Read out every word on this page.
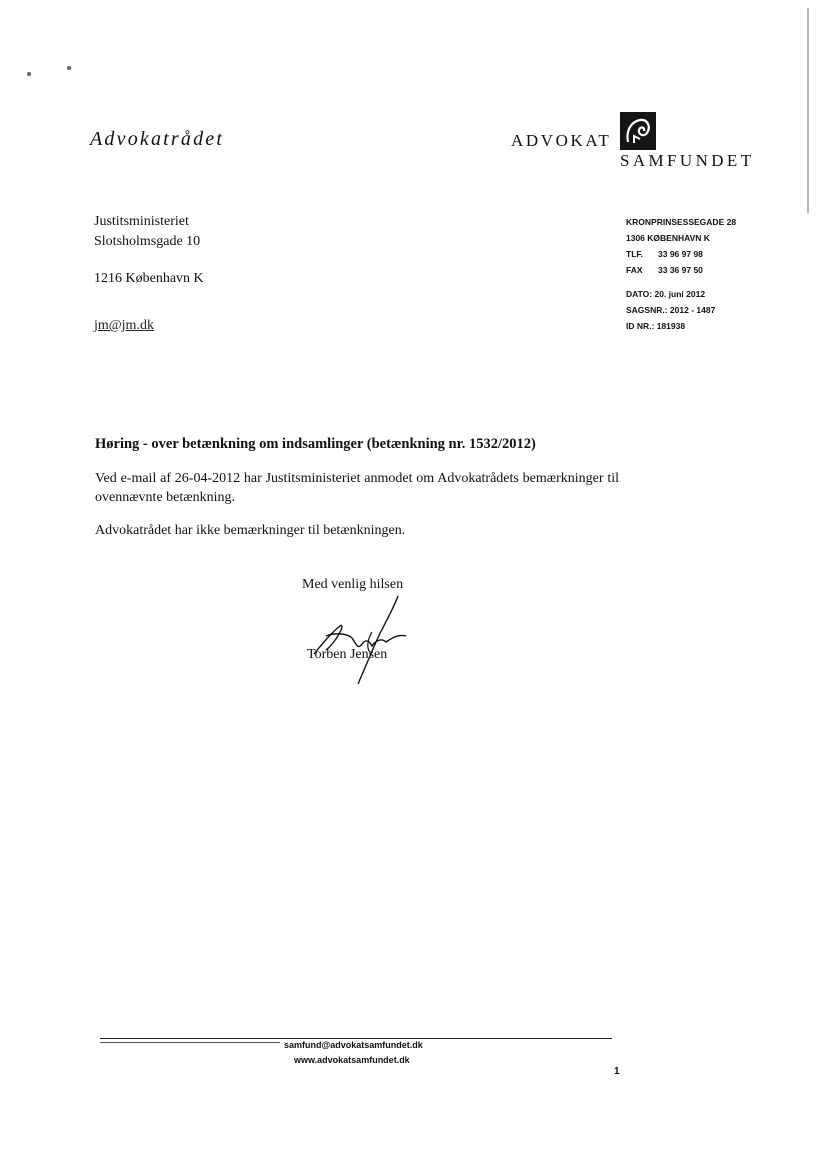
Advokatrådet	ADVOKAT
SAMFUNDET
Justitsministeriet
Slotsholmsgade 10
1216 København K
jm@jm.dk
KRONPRINSESSEGADE 28
1306 KØBENHAVN K
TLF.	33 96 97 98
FAX	33 36 97 50
DATO: 20. juni 2012
SAGSNR.: 2012 - 1487
ID NR.: 181938
Høring - over betænkning om indsamlinger (betænkning nr. 1532/2012)
Ved e-mail af 26-04-2012 har Justitsministeriet anmodet om Advokatrådets bemærkninger til ovennævnte betænkning.
Advokatrådet har ikke bemærkninger til betænkningen.
Med venlig hilsen
Torben Jensen
samfund@advokatsamfundet.dk
www.advokatsamfundet.dk
1
